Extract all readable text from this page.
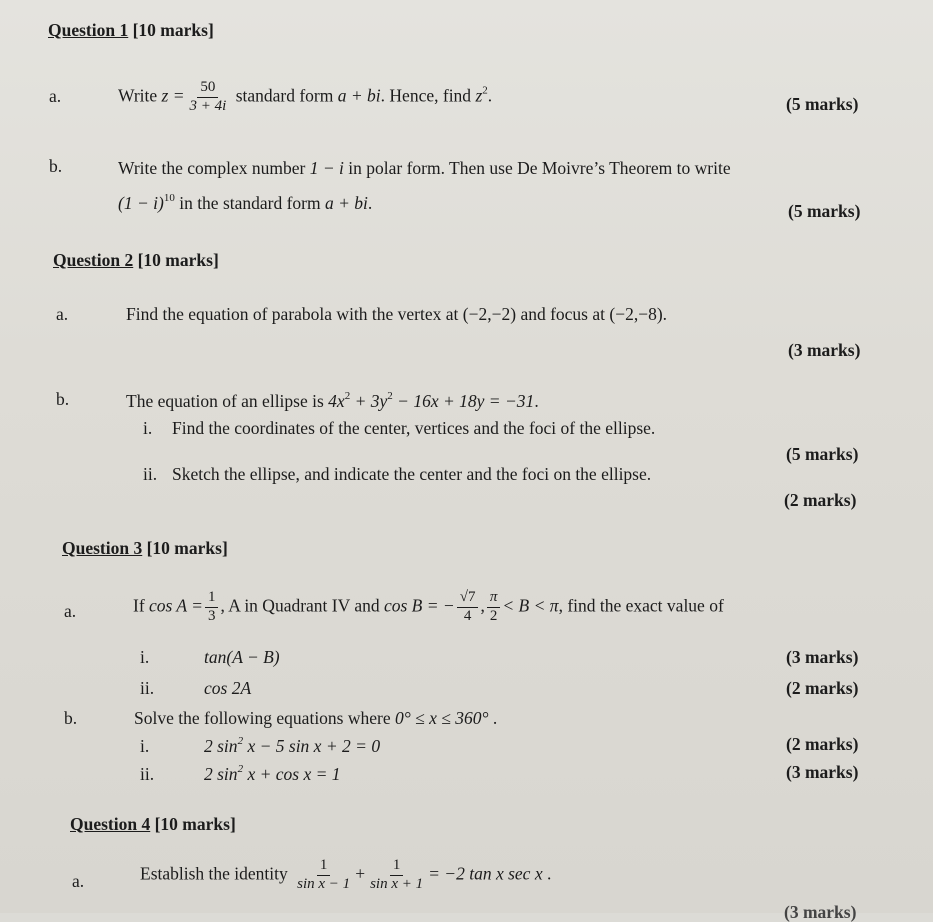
Question 1 [10 marks]
a.	Write $z = \frac{50}{3 + 4i}$ standard form a + bi. Hence, find $z^2$.	(5 marks)
b.	Write the complex number 1 − i in polar form. Then use De Moivre’s Theorem to write
$(1 - i)^{10}$ in the standard form a + bi.	(5 marks)
Question 2 [10 marks]
a.	Find the equation of parabola with the vertex at (−2,−2) and focus at (−2,−8).
(3 marks)
b.	The equation of an ellipse is $4x^2 + 3y^2 - 16x + 18y = -31$.
i. Find the coordinates of the center, vertices and the foci of the ellipse.
(5 marks)
ii. Sketch the ellipse, and indicate the center and the foci on the ellipse.
(2 marks)
Question 3 [10 marks]
a.	If $\cos A = \frac{1}{3}$ , A in Quadrant IV and cos B = − $\frac{√7}{4}$ , $\frac{\pi}{2} < B < \pi$, find the exact value of
i.	tan(A − B)	(3 marks)
ii.	cos 2A	(2 marks)
b.	Solve the following equations where 0° ≤ x ≤ 360° .
i.	2 $\sin^2 x - 5$ sin x + 2 = 0	(2 marks)
ii.	2 $\sin^2 x + \cos x = 1$	(3 marks)
Question 4 [10 marks]
a.	Establish the identity $\frac{1}{\text{sin x − 1}} + \frac{1}{\text{sin x + 1}} = -2$ tan x sec x .
(3 marks)
